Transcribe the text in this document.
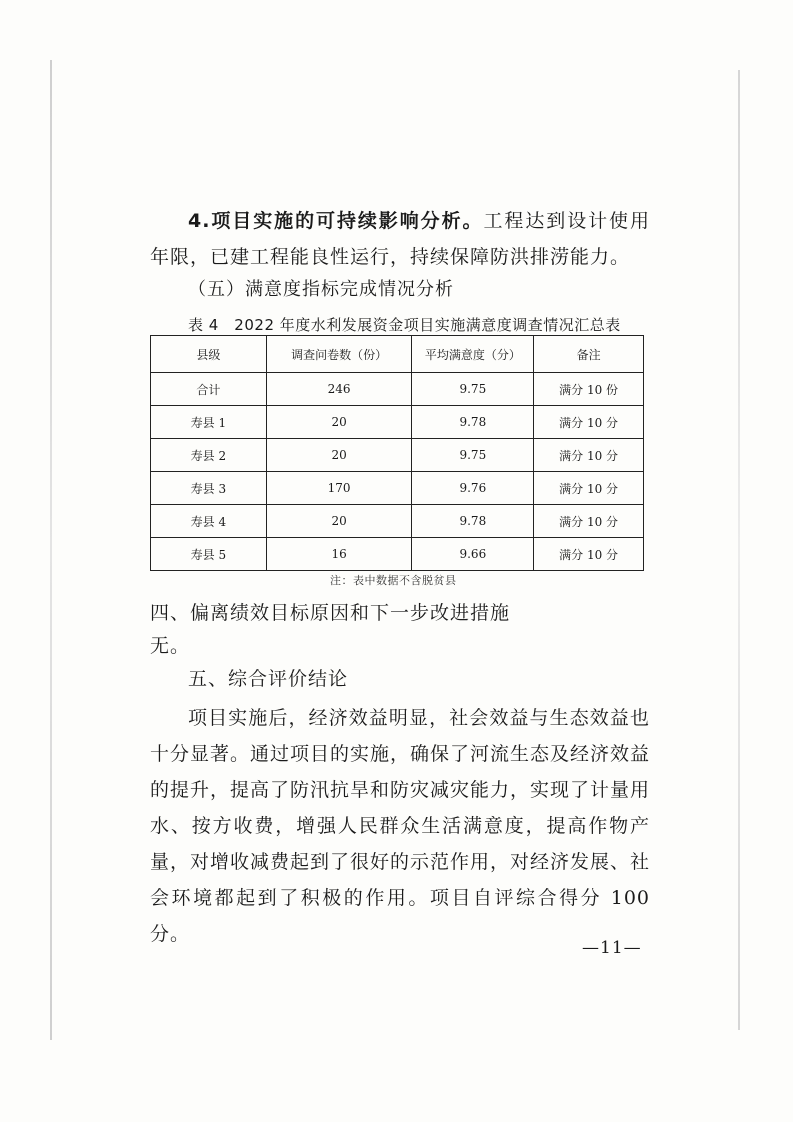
4.项目实施的可持续影响分析。工程达到设计使用年限，已建工程能良性运行，持续保障防洪排涝能力。

（五）满意度指标完成情况分析

表 4　2022 年度水利发展资金项目实施满意度调查情况汇总表
县级	调查问卷数（份）	平均满意度（分）	备注
合计	246	9.75	满分 10 份
寿县 1	20	9.78	满分 10 分
寿县 2	20	9.75	满分 10 分
寿县 3	170	9.76	满分 10 分
寿县 4	20	9.78	满分 10 分
寿县 5	16	9.66	满分 10 分
注：表中数据不含脱贫县
四、偏离绩效目标原因和下一步改进措施

无。

五、综合评价结论

项目实施后，经济效益明显，社会效益与生态效益也十分显著。通过项目的实施，确保了河流生态及经济效益的提升，提高了防汛抗旱和防灾减灾能力，实现了计量用水、按方收费，增强人民群众生活满意度，提高作物产量，对增收减费起到了很好的示范作用，对经济发展、社会环境都起到了积极的作用。项目自评综合得分 100 分。

—11—
